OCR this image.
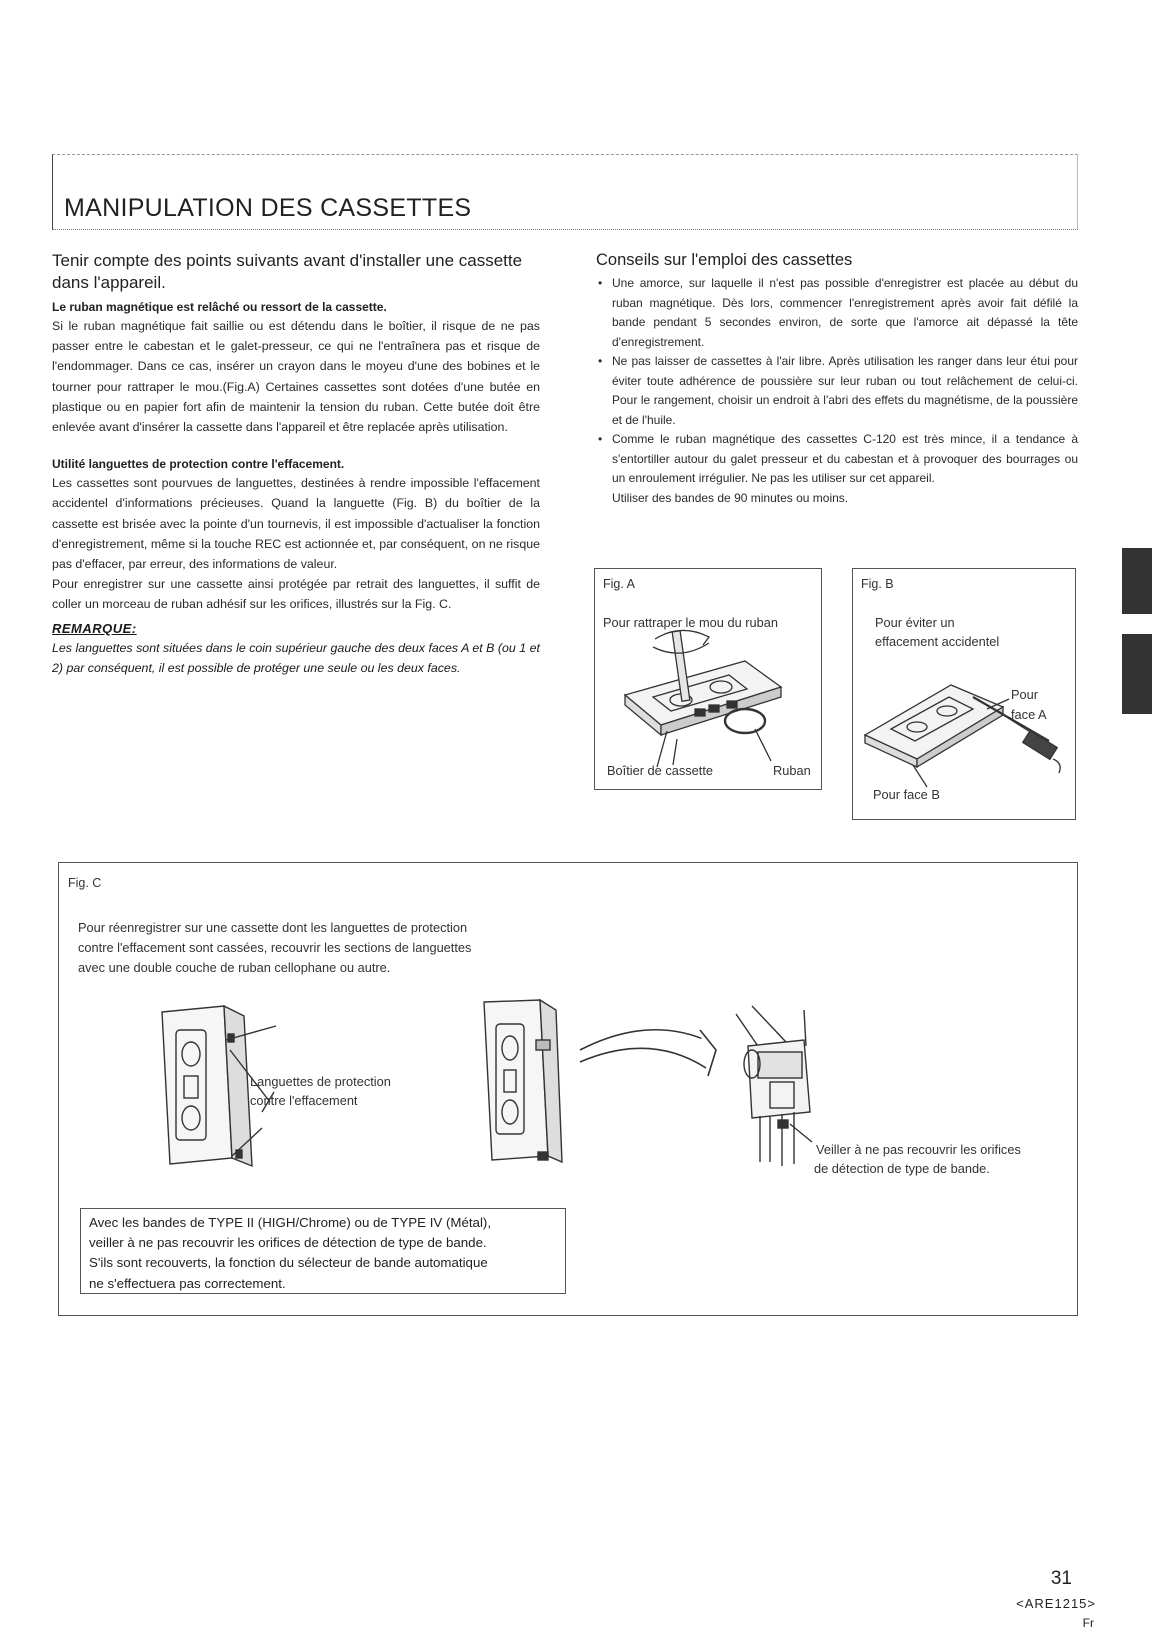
MANIPULATION DES CASSETTES

Tenir compte des points suivants avant d'installer une cassette dans l'appareil.

Le ruban magnétique est relâché ou ressort de la cassette.

Si le ruban magnétique fait saillie ou est détendu dans le boîtier, il risque de ne pas passer entre le cabestan et le galet-presseur, ce qui ne l'entraînera pas et risque de l'endommager. Dans ce cas, insérer un crayon dans le moyeu d'une des bobines et le tourner pour rattraper le mou.(Fig.A) Certaines cassettes sont dotées d'une butée en plastique ou en papier fort afin de maintenir la tension du ruban. Cette butée doit être enlevée avant d'insérer la cassette dans l'appareil et être replacée après utilisation.

Utilité languettes de protection contre l'effacement.

Les cassettes sont pourvues de languettes, destinées à rendre impossible l'effacement accidentel d'informations précieuses. Quand la languette (Fig. B) du boîtier de la cassette est brisée avec la pointe d'un tournevis, il est impossible d'actualiser la fonction d'enregistrement, même si la touche REC est actionnée et, par conséquent, on ne risque pas d'effacer, par erreur, des informations de valeur.

Pour enregistrer sur une cassette ainsi protégée par retrait des languettes, il suffit de coller un morceau de ruban adhésif sur les orifices, illustrés sur la Fig. C.

REMARQUE:

Les languettes sont situées dans le coin supérieur gauche des deux faces A et B (ou 1 et 2) par conséquent, il est possible de protéger une seule ou les deux faces.

Conseils sur l'emploi des cassettes

• Une amorce, sur laquelle il n'est pas possible d'enregistrer est placée au début du ruban magnétique. Dès lors, commencer l'enregistrement après avoir fait défilé la bande pendant 5 secondes environ, de sorte que l'amorce ait dépassé la tête d'enregistrement.
• Ne pas laisser de cassettes à l'air libre. Après utilisation les ranger dans leur étui pour éviter toute adhérence de poussière sur leur ruban ou tout relâchement de celui-ci. Pour le rangement, choisir un endroit à l'abri des effets du magnétisme, de la poussière et de l'huile.
• Comme le ruban magnétique des cassettes C-120 est très mince, il a tendance à s'entortiller autour du galet presseur et du cabestan et à provoquer des bourrages ou un enroulement irrégulier. Ne pas les utiliser sur cet appareil.
Utiliser des bandes de 90 minutes ou moins.
Fig. A
Pour rattraper le mou du ruban
Boîtier de cassette	Ruban
Fig. B
Pour éviter un
effacement accidentel
Pour
face A
Pour face B
Fig. C
Pour réenregistrer sur une cassette dont les languettes de protection
contre l'effacement sont cassées, recouvrir les sections de languettes
avec une double couche de ruban cellophane ou autre.
Languettes de protection
contre l'effacement
Veiller à ne pas recouvrir les orifices
de détection de type de bande.

Avec les bandes de TYPE II (HIGH/Chrome) ou de TYPE IV (Métal),

veiller à ne pas recouvrir les orifices de détection de type de bande.

S'ils sont recouverts, la fonction du sélecteur de bande automatique

ne s'effectuera pas correctement.

31
<ARE1215>
Fr
